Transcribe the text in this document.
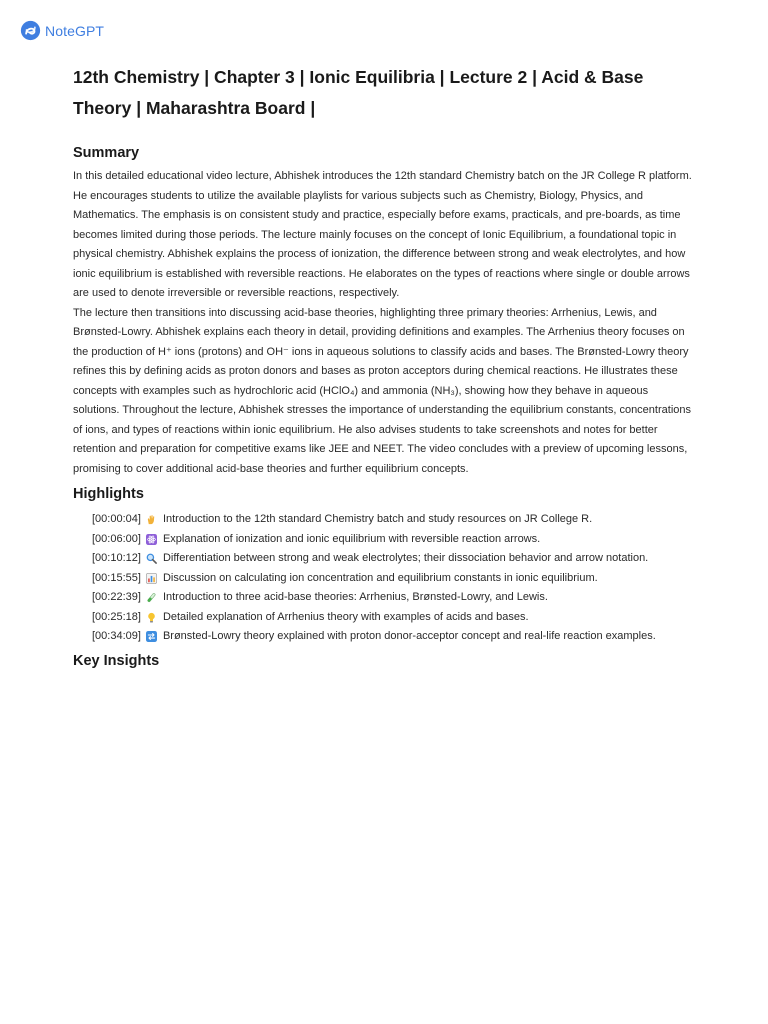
NoteGPT
12th Chemistry | Chapter 3 | Ionic Equilibria | Lecture 2 | Acid & Base Theory | Maharashtra Board |
Summary

In this detailed educational video lecture, Abhishek introduces the 12th standard Chemistry batch on the JR College R platform. He encourages students to utilize the available playlists for various subjects such as Chemistry, Biology, Physics, and Mathematics. The emphasis is on consistent study and practice, especially before exams, practicals, and pre-boards, as time becomes limited during those periods. The lecture mainly focuses on the concept of Ionic Equilibrium, a foundational topic in physical chemistry. Abhishek explains the process of ionization, the difference between strong and weak electrolytes, and how ionic equilibrium is established with reversible reactions. He elaborates on the types of reactions where single or double arrows are used to denote irreversible or reversible reactions, respectively.

The lecture then transitions into discussing acid-base theories, highlighting three primary theories: Arrhenius, Lewis, and Brønsted-Lowry. Abhishek explains each theory in detail, providing definitions and examples. The Arrhenius theory focuses on the production of H⁺ ions (protons) and OH⁻ ions in aqueous solutions to classify acids and bases. The Brønsted-Lowry theory refines this by defining acids as proton donors and bases as proton acceptors during chemical reactions. He illustrates these concepts with examples such as hydrochloric acid (HClO₄) and ammonia (NH₃), showing how they behave in aqueous solutions. Throughout the lecture, Abhishek stresses the importance of understanding the equilibrium constants, concentrations of ions, and types of reactions within ionic equilibrium. He also advises students to take screenshots and notes for better retention and preparation for competitive exams like JEE and NEET. The video concludes with a preview of upcoming lessons, promising to cover additional acid-base theories and further equilibrium concepts.

Highlights
[00:00:04] Introduction to the 12th standard Chemistry batch and study resources on JR College R.
[00:06:00] Explanation of ionization and ionic equilibrium with reversible reaction arrows.
[00:10:12] Differentiation between strong and weak electrolytes; their dissociation behavior and arrow notation.
[00:15:55] Discussion on calculating ion concentration and equilibrium constants in ionic equilibrium.
[00:22:39] Introduction to three acid-base theories: Arrhenius, Brønsted-Lowry, and Lewis.
[00:25:18] Detailed explanation of Arrhenius theory with examples of acids and bases.
[00:34:09] Brønsted-Lowry theory explained with proton donor-acceptor concept and real-life reaction examples.
Key Insights
